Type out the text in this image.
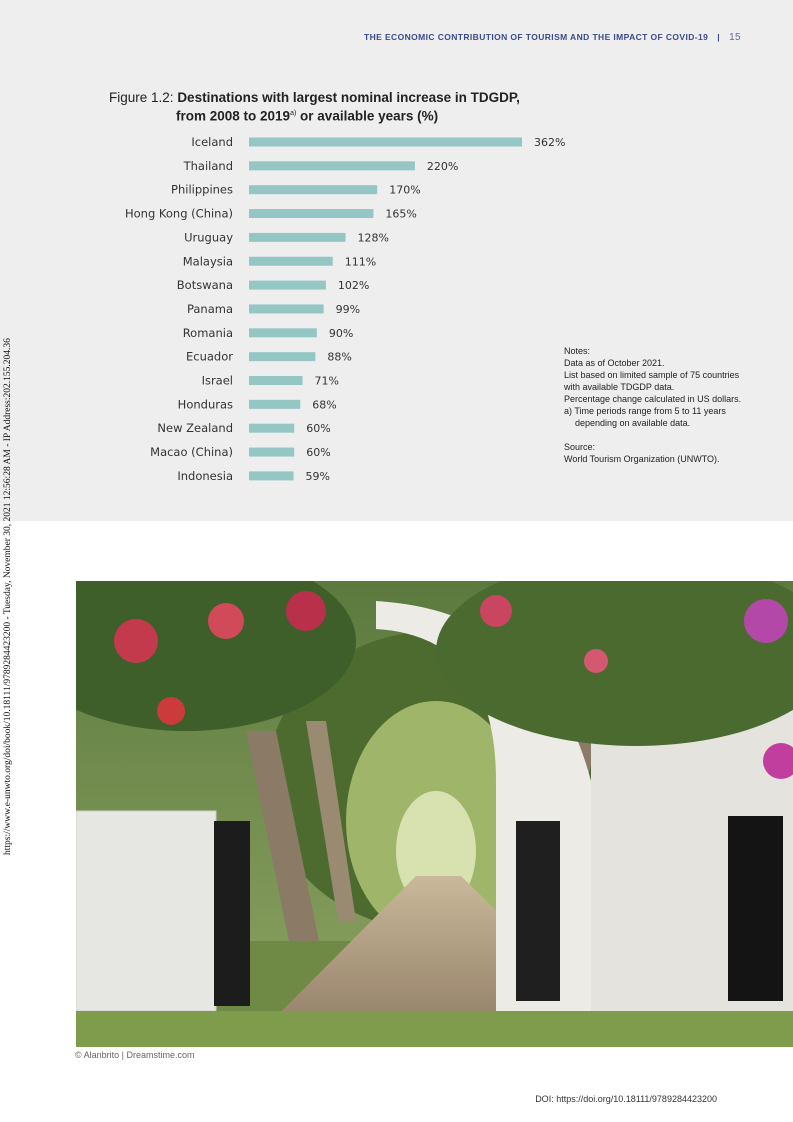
THE ECONOMIC CONTRIBUTION OF TOURISM AND THE IMPACT OF COVID-19 | 15
Figure 1.2: Destinations with largest nominal increase in TDGDP,
from 2008 to 2019$^{a)}$ or available years (%)
Iceland	362%
Thailand	220%
Philippines	170%
Hong Kong (China)	165%
Uruguay	128%
Malaysia	111%
Botswana	102%
Panama	99%
Romania	90%
Ecuador	88%
Israel	71%
Honduras	68%
New Zealand	60%
Macao (China)	60%
Indonesia	59%
Notes:
Data as of October 2021.
List based on limited sample of 75 countries with available TDGDP data.
Percentage change calculated in US dollars.
a) Time periods range from 5 to 11 years
depending on available data.
Source:
World Tourism Organization (UNWTO).
© Alanbrito | Dreamstime.com
DOI: https://doi.org/10.18111/9789284423200
https://www.e-unwto.org/doi/book/10.18111/9789284423200 - Tuesday, November 30, 2021 12:56:28 AM - IP Address:202.155.204.36
